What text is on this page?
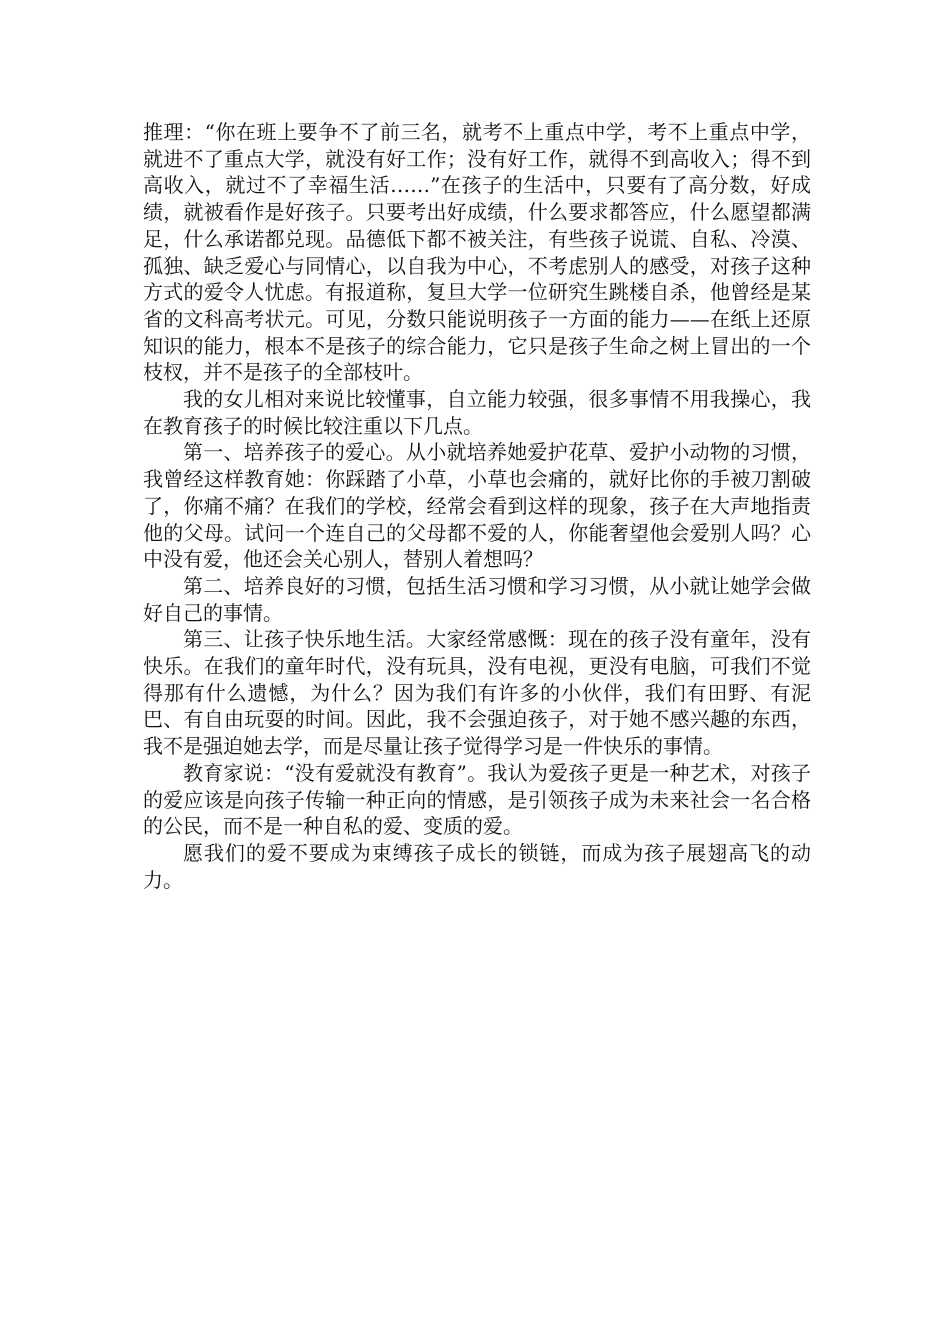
推理：“你在班上要争不了前三名，就考不上重点中学，考不上重点中学，就进不了重点大学，就没有好工作；没有好工作，就得不到高收入；得不到高收入，就过不了幸福生活……”在孩子的生活中，只要有了高分数，好成绩，就被看作是好孩子。只要考出好成绩，什么要求都答应，什么愿望都满足，什么承诺都兑现。品德低下都不被关注，有些孩子说谎、自私、冷漠、孤独、缺乏爱心与同情心，以自我为中心，不考虑别人的感受，对孩子这种方式的爱令人忧虑。有报道称，复旦大学一位研究生跳楼自杀，他曾经是某省的文科高考状元。可见，分数只能说明孩子一方面的能力——在纸上还原知识的能力，根本不是孩子的综合能力，它只是孩子生命之树上冒出的一个枝杈，并不是孩子的全部枝叶。

我的女儿相对来说比较懂事，自立能力较强，很多事情不用我操心，我在教育孩子的时候比较注重以下几点。

第一、培养孩子的爱心。从小就培养她爱护花草、爱护小动物的习惯，我曾经这样教育她：你踩踏了小草，小草也会痛的，就好比你的手被刀割破了，你痛不痛？在我们的学校，经常会看到这样的现象，孩子在大声地指责他的父母。试问一个连自己的父母都不爱的人，你能奢望他会爱别人吗？心中没有爱，他还会关心别人，替别人着想吗？

第二、培养良好的习惯，包括生活习惯和学习习惯，从小就让她学会做好自己的事情。

第三、让孩子快乐地生活。大家经常感慨：现在的孩子没有童年，没有快乐。在我们的童年时代，没有玩具，没有电视，更没有电脑，可我们不觉得那有什么遗憾，为什么？因为我们有许多的小伙伴，我们有田野、有泥巴、有自由玩耍的时间。因此，我不会强迫孩子，对于她不感兴趣的东西，我不是强迫她去学，而是尽量让孩子觉得学习是一件快乐的事情。

教育家说：“没有爱就没有教育”。我认为爱孩子更是一种艺术，对孩子的爱应该是向孩子传输一种正向的情感，是引领孩子成为未来社会一名合格的公民，而不是一种自私的爱、变质的爱。

愿我们的爱不要成为束缚孩子成长的锁链，而成为孩子展翅高飞的动力。
